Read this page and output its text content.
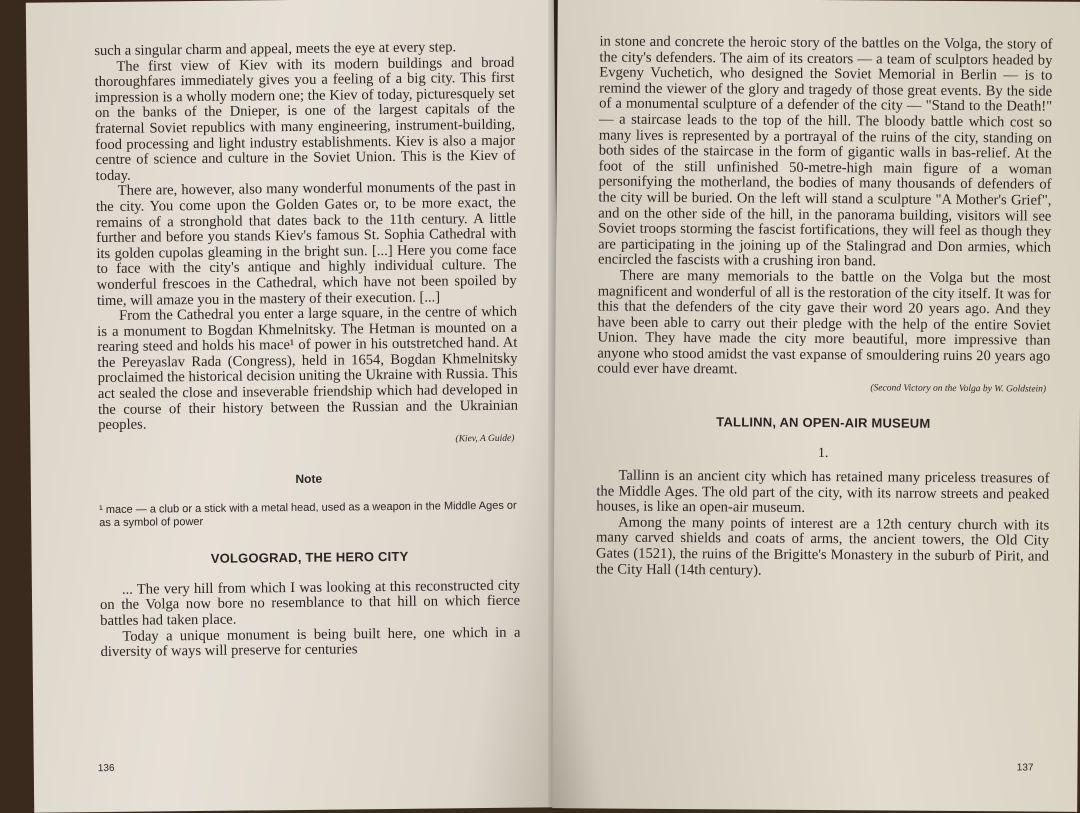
such a singular charm and appeal, meets the eye at every step.

The first view of Kiev with its modern buildings and broad thoroughfares immediately gives you a feeling of a big city. This first impression is a wholly modern one; the Kiev of today, picturesquely set on the banks of the Dnieper, is one of the largest capitals of the fraternal Soviet republics with many engineering, instrument-building, food processing and light industry establishments. Kiev is also a major centre of science and culture in the Soviet Union. This is the Kiev of today.

There are, however, also many wonderful monuments of the past in the city. You come upon the Golden Gates or, to be more exact, the remains of a stronghold that dates back to the 11th century. A little further and before you stands Kiev's famous St. Sophia Cathedral with its golden cupolas gleaming in the bright sun. [...] Here you come face to face with the city's antique and highly individual culture. The wonderful frescoes in the Cathedral, which have not been spoiled by time, will amaze you in the mastery of their execution. [...]

From the Cathedral you enter a large square, in the centre of which is a monument to Bogdan Khmelnitsky. The Hetman is mounted on a rearing steed and holds his mace¹ of power in his outstretched hand. At the Pereyaslav Rada (Congress), held in 1654, Bogdan Khmelnitsky proclaimed the historical decision uniting the Ukraine with Russia. This act sealed the close and inseverable friendship which had developed in the course of their history between the Russian and the Ukrainian peoples.

(Kiev, A Guide)
Note
¹ mace — a club or a stick with a metal head, used as a weapon in the Middle Ages or as a symbol of power
VOLGOGRAD, THE HERO CITY

... The very hill from which I was looking at this reconstructed city on the Volga now bore no resemblance to that hill on which fierce battles had taken place.

Today a unique monument is being built here, one which in a diversity of ways will preserve for centuries

136

in stone and concrete the heroic story of the battles on the Volga, the story of the city's defenders. The aim of its creators — a team of sculptors headed by Evgeny Vuchetich, who designed the Soviet Memorial in Berlin — is to remind the viewer of the glory and tragedy of those great events. By the side of a monumental sculpture of a defender of the city — "Stand to the Death!" — a staircase leads to the top of the hill. The bloody battle which cost so many lives is represented by a portrayal of the ruins of the city, standing on both sides of the staircase in the form of gigantic walls in bas-relief. At the foot of the still unfinished 50-metre-high main figure of a woman personifying the motherland, the bodies of many thousands of defenders of the city will be buried. On the left will stand a sculpture "A Mother's Grief", and on the other side of the hill, in the panorama building, visitors will see Soviet troops storming the fascist fortifications, they will feel as though they are participating in the joining up of the Stalingrad and Don armies, which encircled the fascists with a crushing iron band.

There are many memorials to the battle on the Volga but the most magnificent and wonderful of all is the restoration of the city itself. It was for this that the defenders of the city gave their word 20 years ago. And they have been able to carry out their pledge with the help of the entire Soviet Union. They have made the city more beautiful, more impressive than anyone who stood amidst the vast expanse of smouldering ruins 20 years ago could ever have dreamt.

(Second Victory on the Volga by W. Goldstein)
TALLINN, AN OPEN-AIR MUSEUM
1.

Tallinn is an ancient city which has retained many priceless treasures of the Middle Ages. The old part of the city, with its narrow streets and peaked houses, is like an open-air museum.

Among the many points of interest are a 12th century church with its many carved shields and coats of arms, the ancient towers, the Old City Gates (1521), the ruins of the Brigitte's Monastery in the suburb of Pirit, and the City Hall (14th century).

137
